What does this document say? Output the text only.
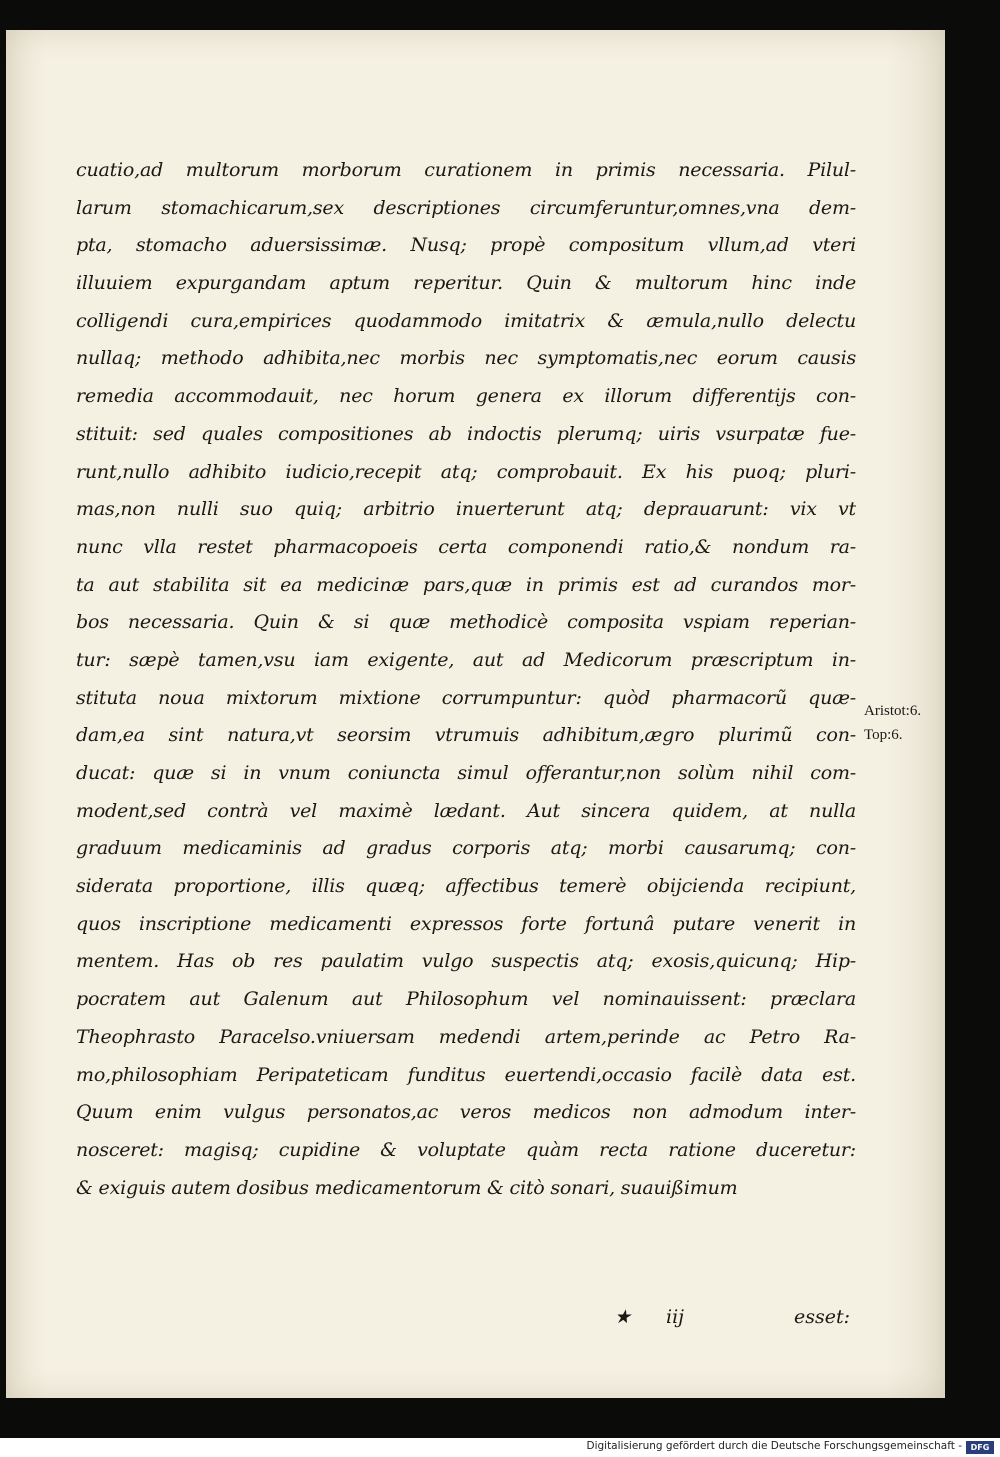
cuatio,ad multorum morborum curationem in primis necessaria. Pilul-
larum stomachicarum,sex descriptiones circumferuntur,omnes,vna dem-
pta, stomacho aduersissimæ. Nusq; propè compositum vllum,ad vteri
illuuiem expurgandam aptum reperitur. Quin & multorum hinc inde
colligendi cura,empirices quodammodo imitatrix & æmula,nullo delectu
nullaq; methodo adhibita,nec morbis nec symptomatis,nec eorum causis
remedia accommodauit, nec horum genera ex illorum differentijs con-
stituit: sed quales compositiones ab indoctis plerumq; uiris vsurpatæ fue-
runt,nullo adhibito iudicio,recepit atq; comprobauit. Ex his puoq; pluri-
mas,non nulli suo quiq; arbitrio inuerterunt atq; deprauarunt: vix vt
nunc vlla restet pharmacopoeis certa componendi ratio,& nondum ra-
ta aut stabilita sit ea medicinæ pars,quæ in primis est ad curandos mor-
bos necessaria. Quin & si quæ methodicè composita vspiam reperian-
tur: sæpè tamen,vsu iam exigente, aut ad Medicorum præscriptum in-
stituta noua mixtorum mixtione corrumpuntur: quòd pharmacorũ quæ-
dam,ea sint natura,vt seorsim vtrumuis adhibitum,ægro plurimũ con-
ducat: quæ si in vnum coniuncta simul offerantur,non solùm nihil com-
modent,sed contrà vel maximè lædant. Aut sincera quidem, at nulla
graduum medicaminis ad gradus corporis atq; morbi causarumq; con-
siderata proportione, illis quæq; affectibus temerè obijcienda recipiunt,
quos inscriptione medicamenti expressos forte fortunâ putare venerit in
mentem. Has ob res paulatim vulgo suspectis atq; exosis,quicunq; Hip-
pocratem aut Galenum aut Philosophum vel nominauissent: præclara
Theophrasto Paracelso.vniuersam medendi artem,perinde ac Petro Ra-
mo,philosophiam Peripateticam funditus euertendi,occasio facilè data est.
Quum enim vulgus personatos,ac veros medicos non admodum inter-
nosceret: magisq; cupidine & voluptate quàm recta ratione duceretur:
& exiguis autem dosibus medicamentorum & citò sonari, suauißimum
Aristot:6.
Top:6.
★ iij	esset:
Digitalisierung gefördert durch die Deutsche Forschungsgemeinschaft -	DFG
